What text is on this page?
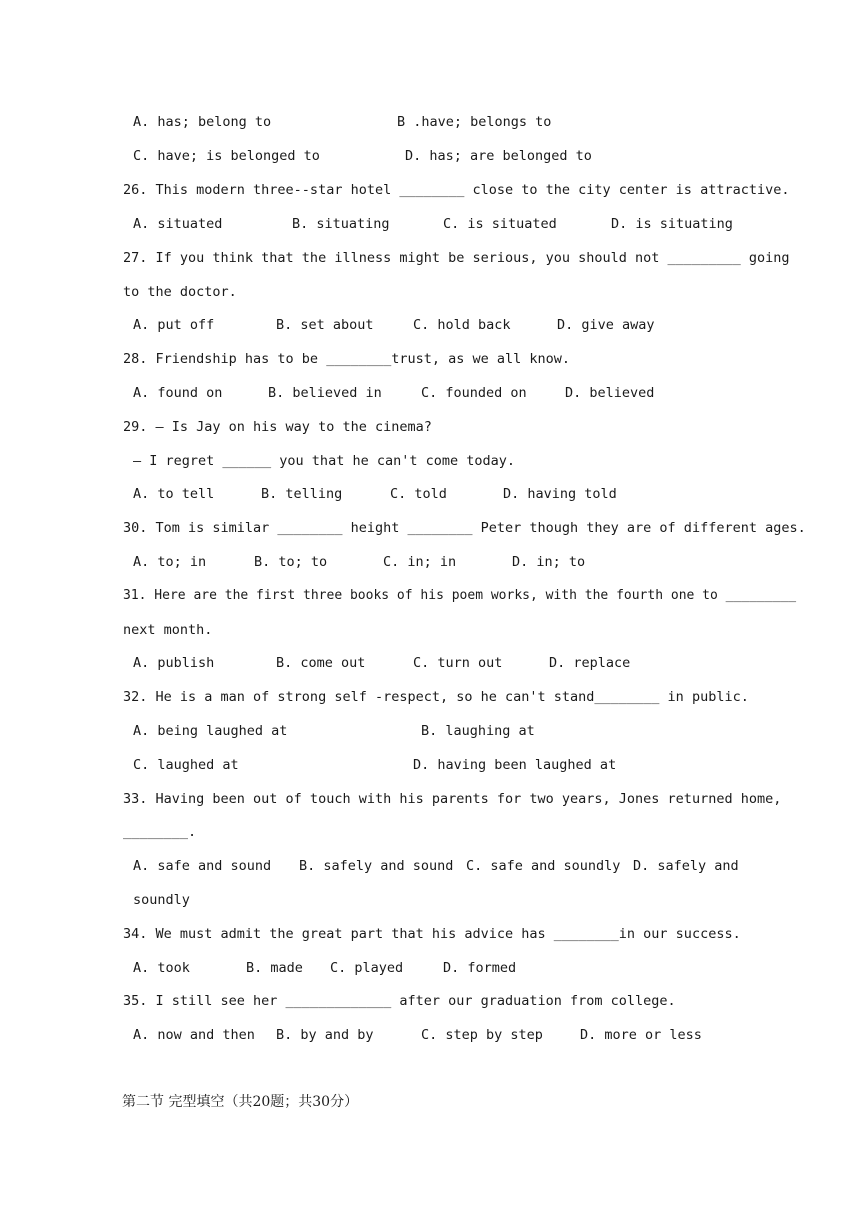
A. has; belong to	B .have; belongs to
C. have; is belonged to	D. has; are belonged to
26. This modern three--star hotel ________ close to the city center is attractive.
A. situated	B. situating	C. is situated	D. is situating
27. If you think that the illness might be serious, you should not _________ going
to the doctor.
A. put off	B. set about	C. hold back	D. give away
28. Friendship has to be ________trust, as we all know.
A. found on	B. believed in	C. founded on	D. believed
29. — Is Jay on his way to the cinema?
— I regret ______ you that he can't come today.
A. to tell	B. telling	C. told	D. having told
30. Tom is similar ________ height ________ Peter though they are of different ages.
A. to; in	B. to; to	C. in; in	D. in; to
31. Here are the first three books of his poem works, with the fourth one to _________
next month.
A. publish	B. come out	C. turn out	D. replace
32. He is a man of strong self -respect, so he can't stand________ in public.
A. being laughed at	B. laughing at
C. laughed at	D. having been laughed at
33. Having been out of touch with his parents for two years, Jones returned home,
________.
A. safe and sound B. safely and sound C. safe and soundly D. safely and
soundly
34. We must admit the great part that his advice has ________in our success.
A. took	B. made C. played	D. formed
35. I still see her _____________ after our graduation from college.
A. now and then B. by and by	C. step by step	D. more or less
第二节 完型填空（共20题；共30分）
